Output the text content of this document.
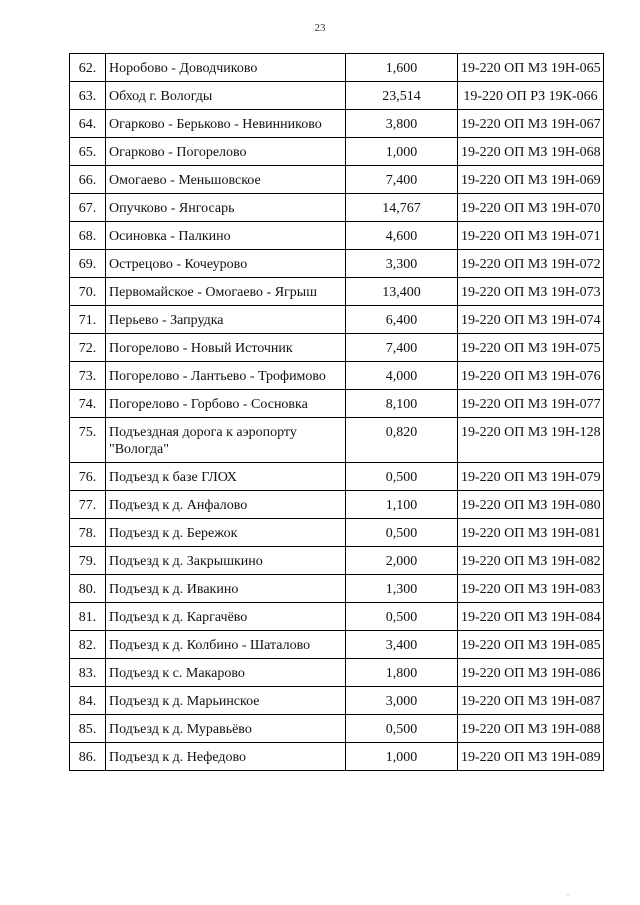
23
62.	Норобово - Доводчиково	1,600	19-220 ОП МЗ 19Н-065
63.	Обход г. Вологды	23,514	19-220 ОП РЗ 19К-066
64.	Огарково - Берьково - Невинниково	3,800	19-220 ОП МЗ 19Н-067
65.	Огарково - Погорелово	1,000	19-220 ОП МЗ 19Н-068
66.	Омогаево - Меньшовское	7,400	19-220 ОП МЗ 19Н-069
67.	Опучково - Янгосарь	14,767	19-220 ОП МЗ 19Н-070
68.	Осиновка - Палкино	4,600	19-220 ОП МЗ 19Н-071
69.	Острецово - Кочеурово	3,300	19-220 ОП МЗ 19Н-072
70.	Первомайское - Омогаево - Ягрыш	13,400	19-220 ОП МЗ 19Н-073
71.	Перьево - Запрудка	6,400	19-220 ОП МЗ 19Н-074
72.	Погорелово - Новый Источник	7,400	19-220 ОП МЗ 19Н-075
73.	Погорелово - Лантьево - Трофимово	4,000	19-220 ОП МЗ 19Н-076
74.	Погорелово - Горбово - Сосновка	8,100	19-220 ОП МЗ 19Н-077
75.	Подъездная дорога к аэропорту "Вологда"	0,820	19-220 ОП МЗ 19Н-128
76.	Подъезд к базе ГЛОХ	0,500	19-220 ОП МЗ 19Н-079
77.	Подъезд к д. Анфалово	1,100	19-220 ОП МЗ 19Н-080
78.	Подъезд к д. Бережок	0,500	19-220 ОП МЗ 19Н-081
79.	Подъезд к д. Закрышкино	2,000	19-220 ОП МЗ 19Н-082
80.	Подъезд к д. Ивакино	1,300	19-220 ОП МЗ 19Н-083
81.	Подъезд к д. Каргачёво	0,500	19-220 ОП МЗ 19Н-084
82.	Подъезд к д. Колбино - Шаталово	3,400	19-220 ОП МЗ 19Н-085
83.	Подъезд к с. Макарово	1,800	19-220 ОП МЗ 19Н-086
84.	Подъезд к д. Марьинское	3,000	19-220 ОП МЗ 19Н-087
85.	Подъезд к д. Муравьёво	0,500	19-220 ОП МЗ 19Н-088
86.	Подъезд к д. Нефедово	1,000	19-220 ОП МЗ 19Н-089
··
